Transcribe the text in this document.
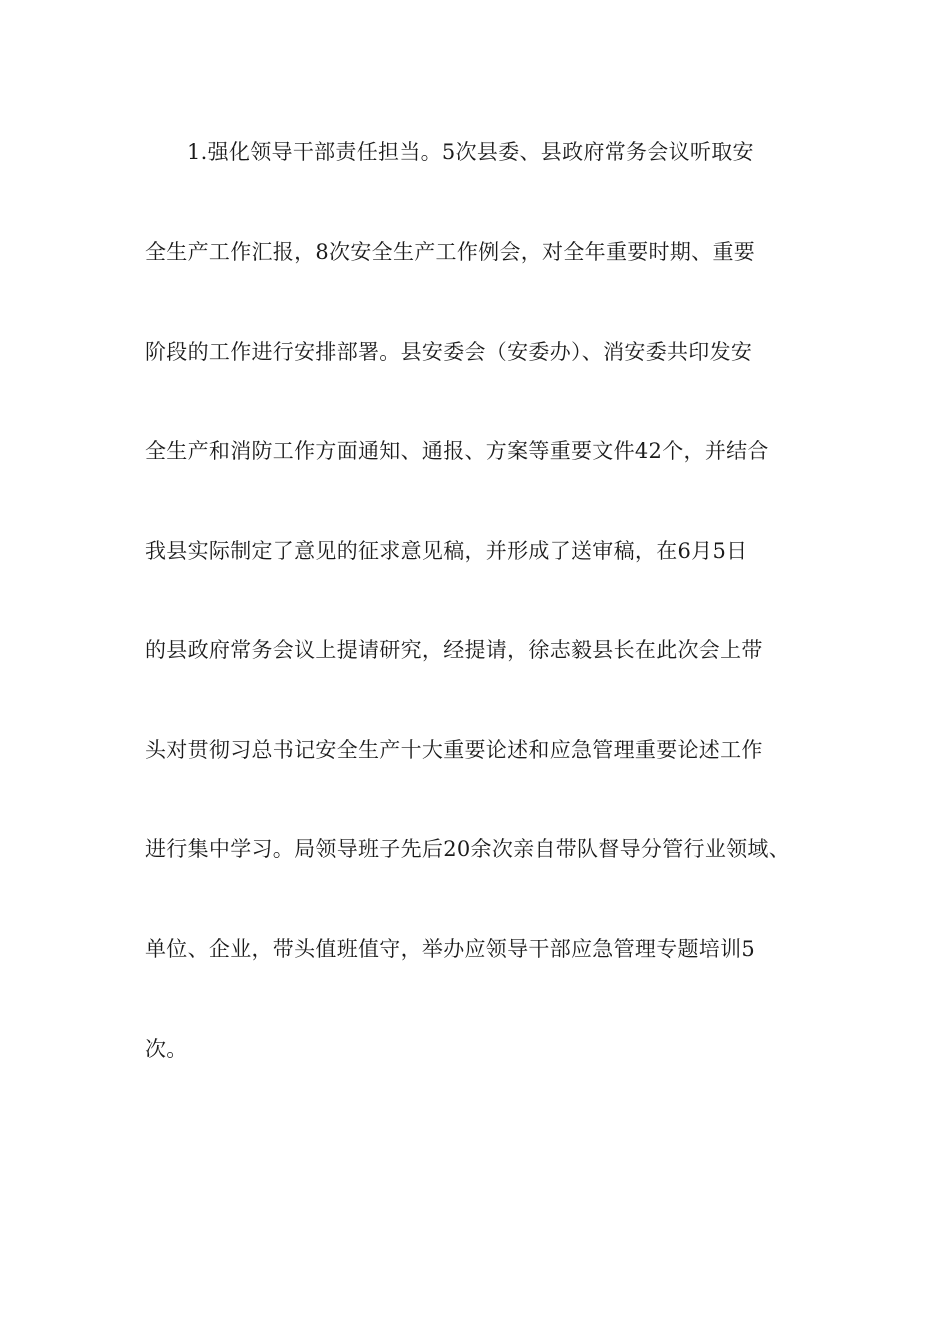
1.强化领导干部责任担当。5次县委、县政府常务会议听取安
全生产工作汇报，8次安全生产工作例会，对全年重要时期、重要
阶段的工作进行安排部署。县安委会（安委办）、消安委共印发安
全生产和消防工作方面通知、通报、方案等重要文件42个，并结合
我县实际制定了意见的征求意见稿，并形成了送审稿，在6月5日
的县政府常务会议上提请研究，经提请，徐志毅县长在此次会上带
头对贯彻习总书记安全生产十大重要论述和应急管理重要论述工作
进行集中学习。局领导班子先后20余次亲自带队督导分管行业领域、
单位、企业，带头值班值守，举办应领导干部应急管理专题培训5
次。
